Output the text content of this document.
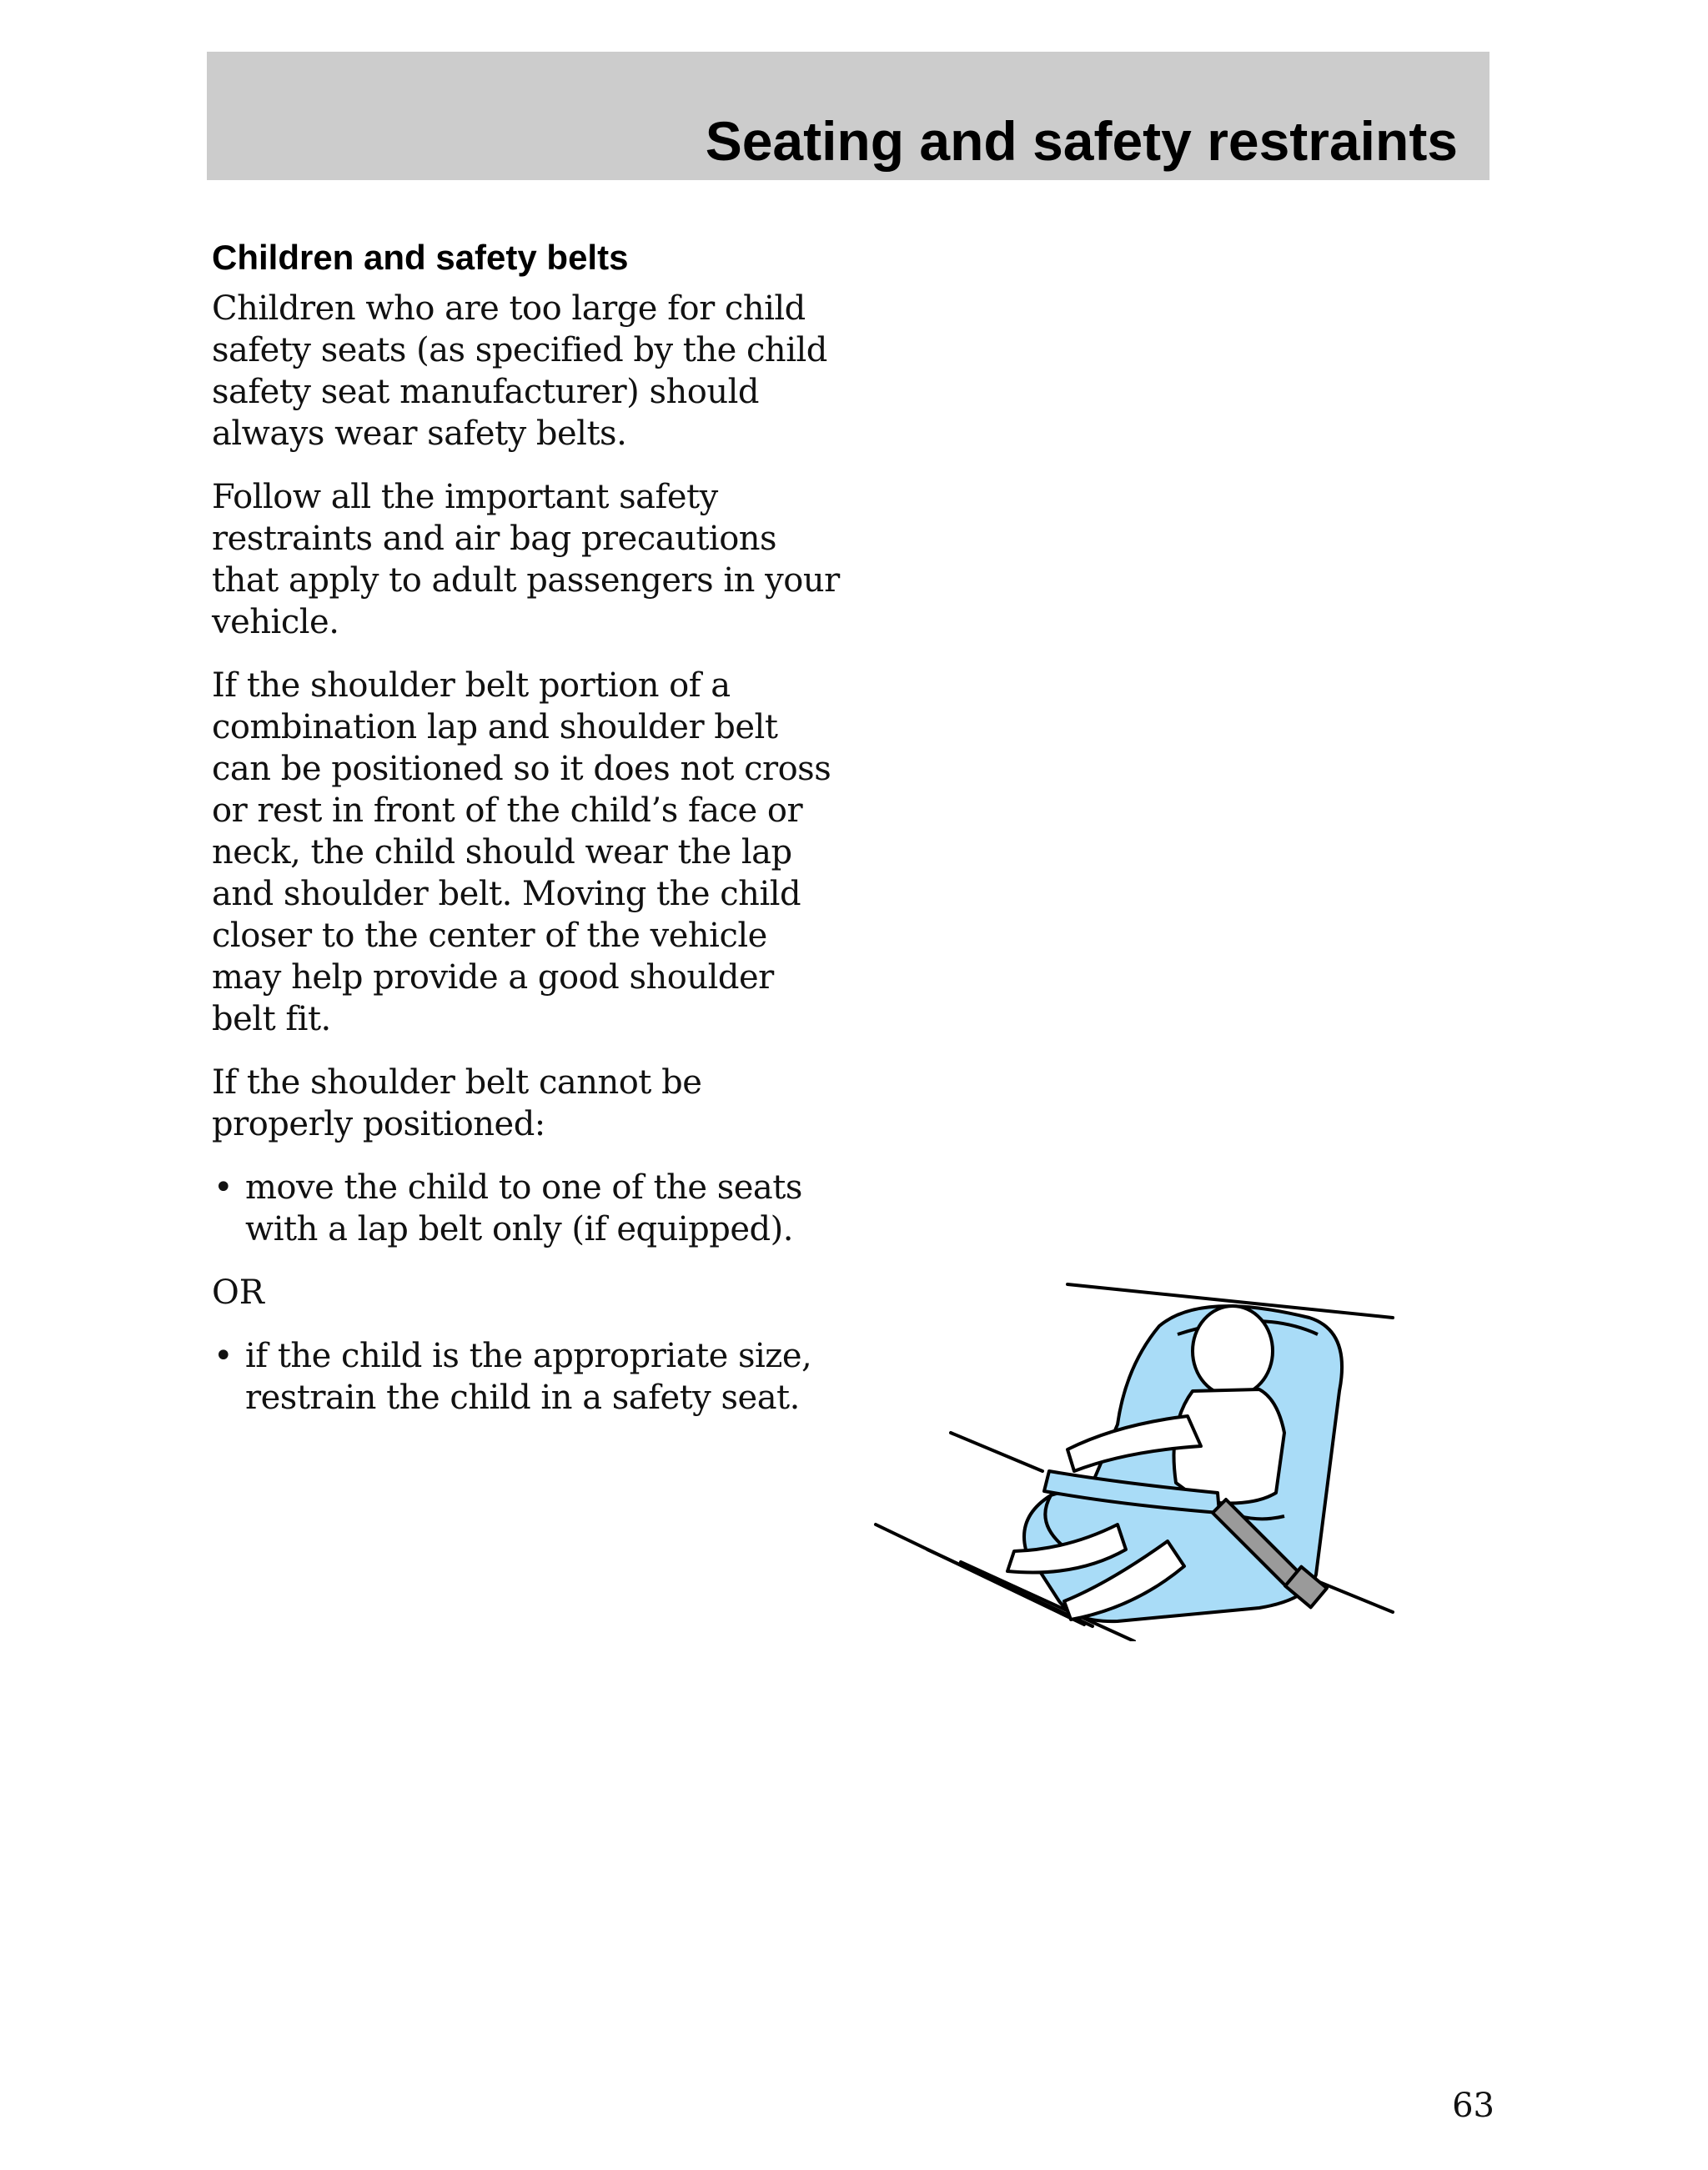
Seating and safety restraints
Children and safety belts

Children who are too large for child safety seats (as specified by the child safety seat manufacturer) should always wear safety belts.

Follow all the important safety restraints and air bag precautions that apply to adult passengers in your vehicle.

If the shoulder belt portion of a combination lap and shoulder belt can be positioned so it does not cross or rest in front of the child’s face or neck, the child should wear the lap and shoulder belt. Moving the child closer to the center of the vehicle may help provide a good shoulder belt fit.

If the shoulder belt cannot be properly positioned:

• move the child to one of the seats with a lap belt only (if equipped).

OR

• if the child is the appropriate size, restrain the child in a safety seat.

63
